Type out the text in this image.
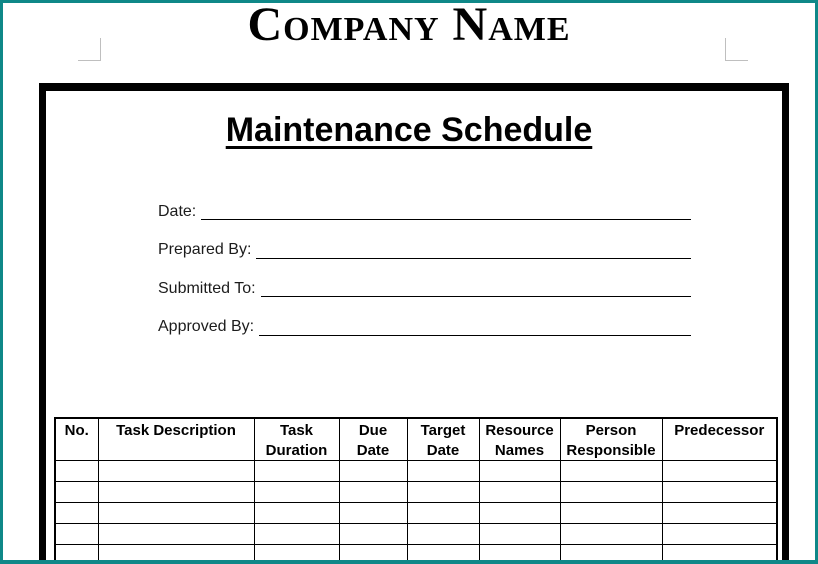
Company Name
Maintenance Schedule
Date:
Prepared By:
Submitted To:
Approved By:
No.	Task Description	Task Duration	Due Date	Target Date	Resource Names	Person Responsible	Predecessor
